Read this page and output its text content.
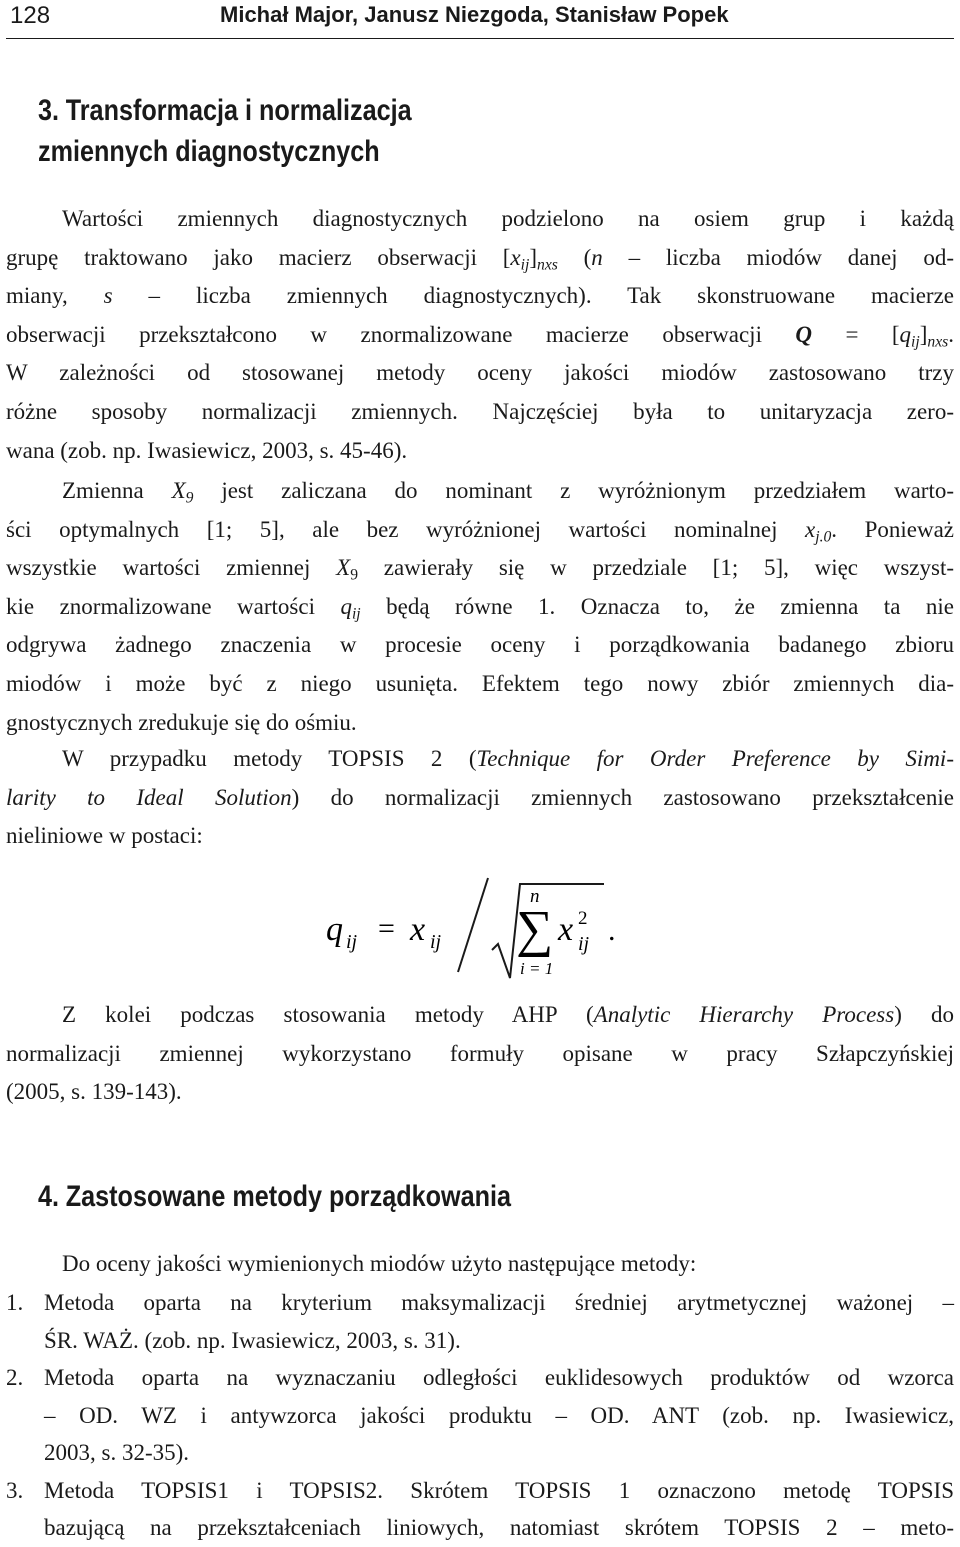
128	Michał Major, Janusz Niezgoda, Stanisław Popek
3. Transformacja i normalizacja
zmiennych diagnostycznych
Wartości zmiennych diagnostycznych podzielono na osiem grup i każdą
grupę traktowano jako macierz obserwacji $[x_{ij}]_{nxs}$ (n – liczba miodów danej od-
miany, s – liczba zmiennych diagnostycznych). Tak skonstruowane macierze
obserwacji przekształcono w znormalizowane macierze obserwacji $Q = [q_{ij}]_{nxs}$.
W zależności od stosowanej metody oceny jakości miodów zastosowano trzy
różne sposoby normalizacji zmiennych. Najczęściej była to unitaryzacja zero-
wana (zob. np. Iwasiewicz, 2003, s. 45-46).
Zmienna $X_9$ jest zaliczana do nominant z wyróżnionym przedziałem warto-
ści optymalnych [1; 5], ale bez wyróżnionej wartości nominalnej $x_{j.0}$. Ponieważ
wszystkie wartości zmiennej $X_9$ zawierały się w przedziale [1; 5], więc wszyst-
kie znormalizowane wartości $q_{ij}$ będą równe 1. Oznacza to, że zmienna ta nie
odgrywa żadnego znaczenia w procesie oceny i porządkowania badanego zbioru
miodów i może być z niego usunięta. Efektem tego nowy zbiór zmiennych dia-
gnostycznych zredukuje się do ośmiu.
W przypadku metody TOPSIS 2 (Technique for Order Preference by Simi-
larity to Ideal Solution) do normalizacji zmiennych zastosowano przekształcenie
nieliniowe w postaci:
q ij = x ij
n
∑
i = 1
x 2
ij .
Z kolei podczas stosowania metody AHP (Analytic Hierarchy Process) do
normalizacji zmiennej wykorzystano formuły opisane w pracy Szłapczyńskiej
(2005, s. 139-143).
4. Zastosowane metody porządkowania
Do oceny jakości wymienionych miodów użyto następujące metody:
1. Metoda oparta na kryterium maksymalizacji średniej arytmetycznej ważonej –
ŚR. WAŻ. (zob. np. Iwasiewicz, 2003, s. 31).
2. Metoda oparta na wyznaczaniu odległości euklidesowych produktów od wzorca
– OD. WZ i antywzorca jakości produktu – OD. ANT (zob. np. Iwasiewicz,
2003, s. 32-35).
3. Metoda TOPSIS1 i TOPSIS2. Skrótem TOPSIS 1 oznaczono metodę TOPSIS
bazującą na przekształceniach liniowych, natomiast skrótem TOPSIS 2 – meto-
